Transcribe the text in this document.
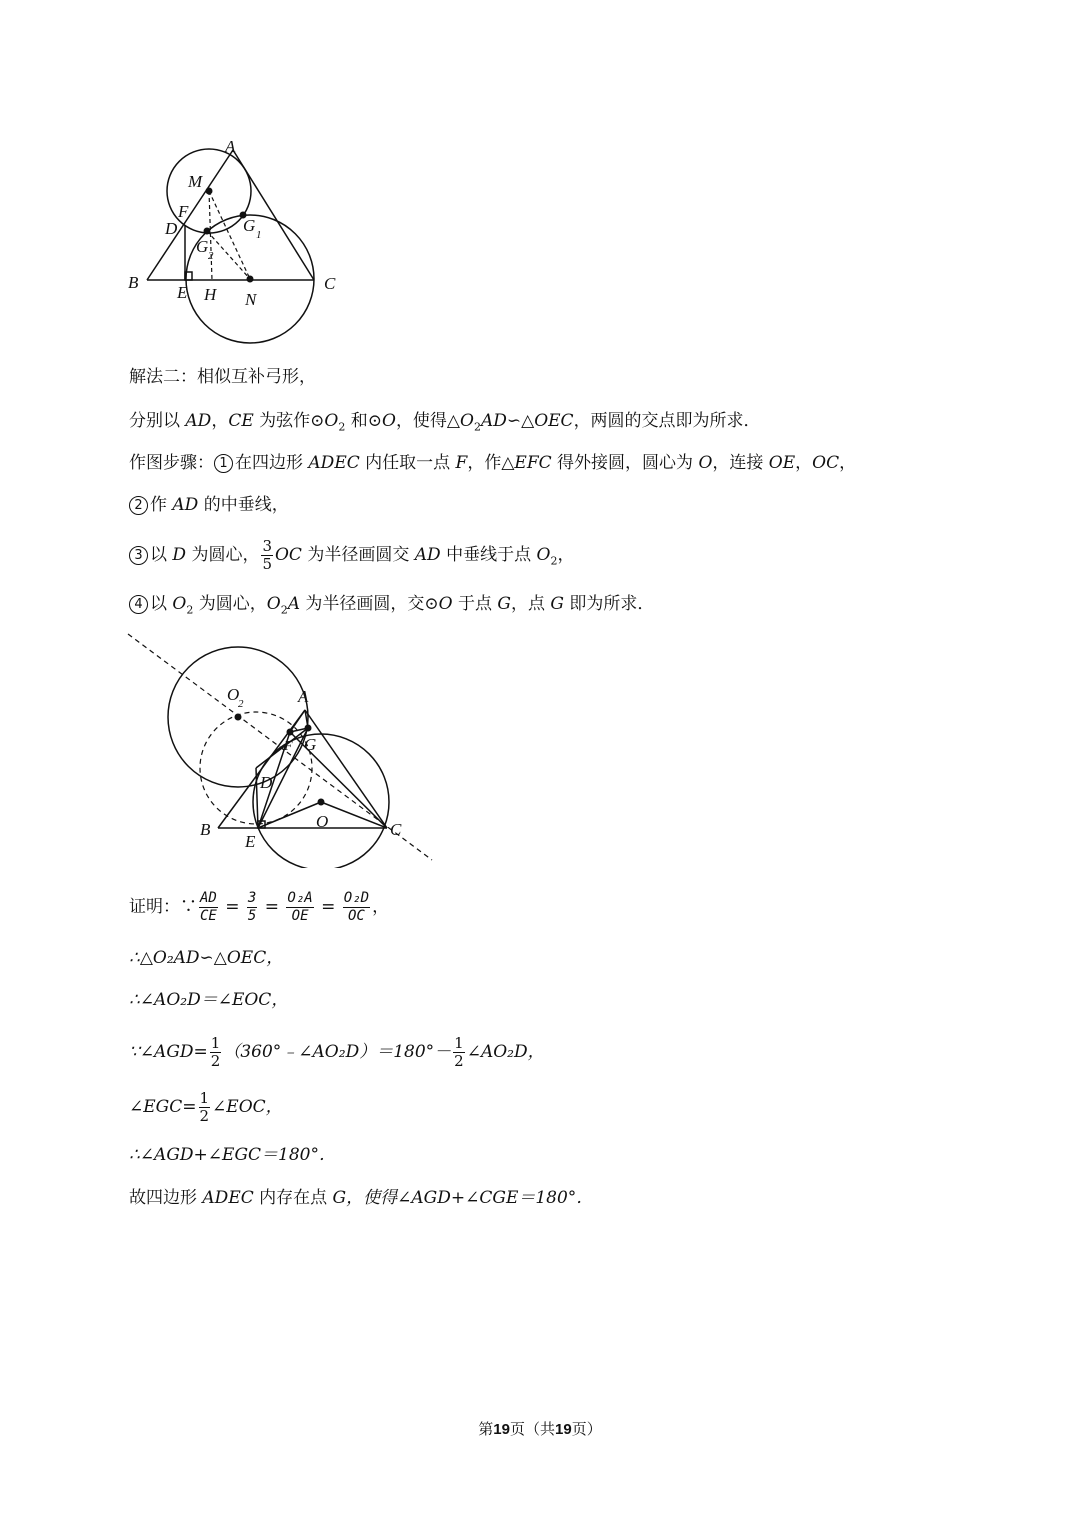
A
M
F
D	G 1
G 2
B
E H N
C
解法二：相似互补弓形，
分别以 AD，CE 为弦作$⊙O_2$ 和⊙O，使得$\triangle O_2AD∽\triangle OEC$，两圆的交点即为所求．
作图步骤： 1 在四边形 ADEC 内任取一点 F，作△EFC 得外接圆，圆心为 O，连接 OE，OC，
2 作 AD 的中垂线，
3 以 D 为圆心， $\frac{3}{5}$ OC 为半径画圆交 AD 中垂线于点 $O_2$，
4 以 $O_2$ 为圆心，$O_2A$ 为半径画圆，交⊙O 于点 G，点 G 即为所求．
O
2	A
F G
D
O
B
E
C
证明：∵ $\frac{AD}{CE} = \frac{3}{5} = \frac{\text{O₂A}}{OE} = \frac{\text{O₂D}}{OC}$ ，
∴△O₂AD∽△OEC，
∴∠AO₂D＝∠EOC，
∵∠AGD= $\frac{1}{2}$ （360°﹣∠AO₂D）＝180°－ $\frac{1}{2}$ ∠AO₂D，
∠EGC= $\frac{1}{2}$ ∠EOC，
∴∠AGD+∠EGC＝180°．
故四边形 ADEC 内存在点 G，使得∠AGD+∠CGE＝180°．
第19页（共19页）
